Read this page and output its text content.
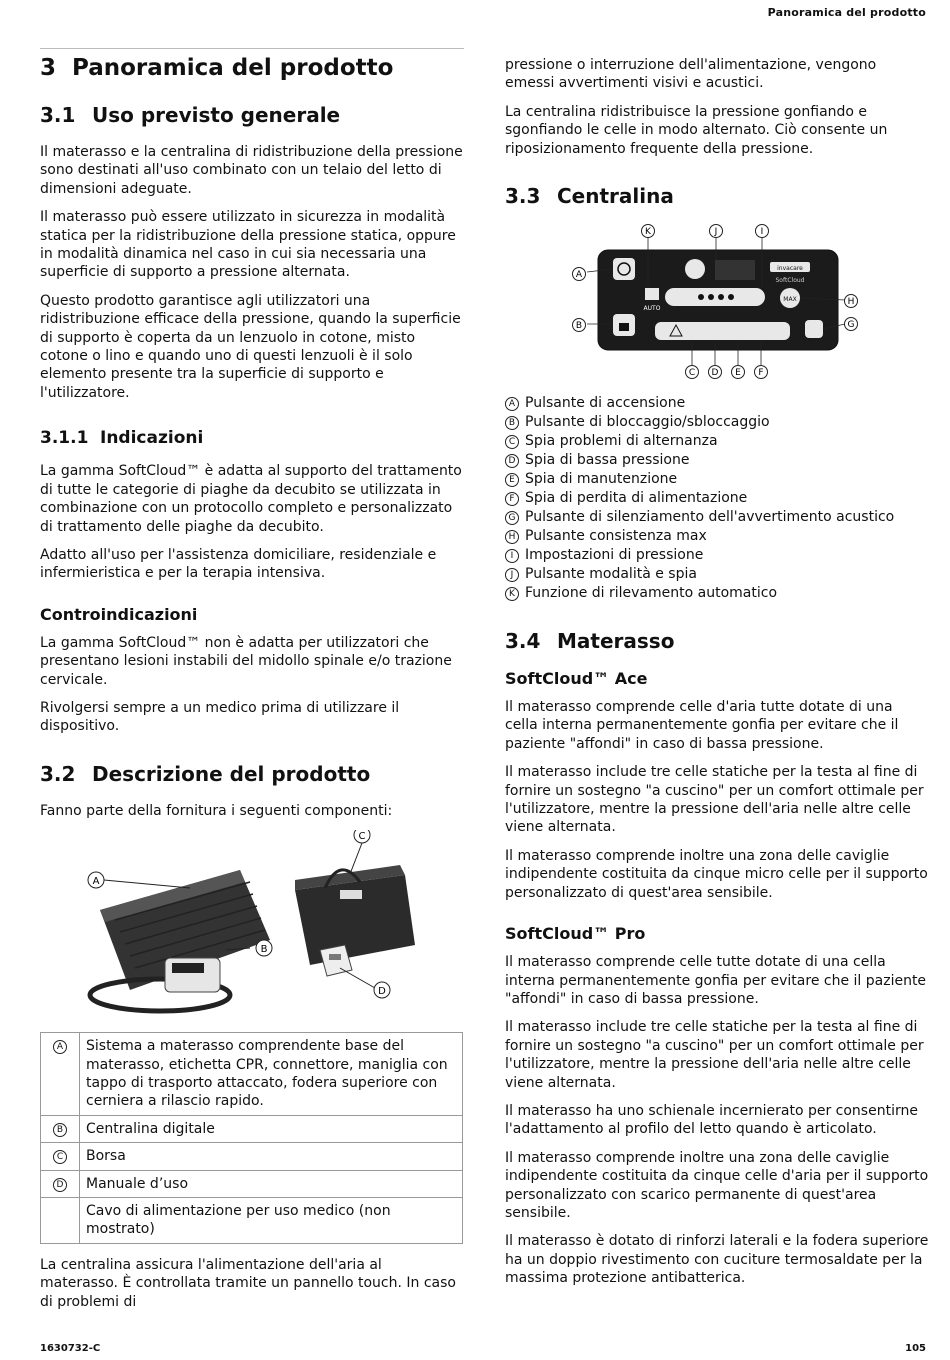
Panoramica del prodotto
3 Panoramica del prodotto
3.1 Uso previsto generale

Il materasso e la centralina di ridistribuzione della pressione sono destinati all'uso combinato con un telaio del letto di dimensioni adeguate.

Il materasso può essere utilizzato in sicurezza in modalità statica per la ridistribuzione della pressione statica, oppure in modalità dinamica nel caso in cui sia necessaria una superficie di supporto a pressione alternata.

Questo prodotto garantisce agli utilizzatori una ridistribuzione efficace della pressione, quando la superficie di supporto è coperta da un lenzuolo in cotone, misto cotone o lino e quando uno di questi lenzuoli è il solo elemento presente tra la superficie di supporto e l'utilizzatore.

3.1.1 Indicazioni

La gamma SoftCloud™ è adatta al supporto del trattamento di tutte le categorie di piaghe da decubito se utilizzata in combinazione con un protocollo completo e personalizzato di trattamento delle piaghe da decubito.

Adatto all'uso per l'assistenza domiciliare, residenziale e infermieristica e per la terapia intensiva.

Controindicazioni

La gamma SoftCloud™ non è adatta per utilizzatori che presentano lesioni instabili del midollo spinale e/o trazione cervicale.

Rivolgersi sempre a un medico prima di utilizzare il dispositivo.

3.2 Descrizione del prodotto

Fanno parte della fornitura i seguenti componenti:

A
B
C
D
A	Sistema a materasso comprendente base del materasso, etichetta CPR, connettore, maniglia con tappo di trasporto attaccato, fodera superiore con cerniera a rilascio rapido.
B	Centralina digitale
C	Borsa
D	Manuale d’uso
	Cavo di alimentazione per uso medico (non mostrato)

La centralina assicura l'alimentazione dell'aria al materasso. È controllata tramite un pannello touch. In caso di problemi di

pressione o interruzione dell'alimentazione, vengono emessi avvertimenti visivi e acustici.

La centralina ridistribuisce la pressione gonfiando e sgonfiando le celle in modo alternato. Ciò consente un riposizionamento frequente della pressione.

3.3 Centralina
AUTO
invacare
SoftCloud
MAX
K	J	I
A
B
H
G
C D E F
A Pulsante di accensione
B Pulsante di bloccaggio/sbloccaggio
C Spia problemi di alternanza
D Spia di bassa pressione
E Spia di manutenzione
F Spia di perdita di alimentazione
G Pulsante di silenziamento dell'avvertimento acustico
H Pulsante consistenza max
I Impostazioni di pressione
J Pulsante modalità e spia
K Funzione di rilevamento automatico
3.4 Materasso
SoftCloud™ Ace

Il materasso comprende celle d'aria tutte dotate di una cella interna permanentemente gonfia per evitare che il paziente "affondi" in caso di bassa pressione.

Il materasso include tre celle statiche per la testa al fine di fornire un sostegno "a cuscino" per un comfort ottimale per l'utilizzatore, mentre la pressione dell'aria nelle altre celle viene alternata.

Il materasso comprende inoltre una zona delle caviglie indipendente costituita da cinque micro celle per il supporto personalizzato di quest'area sensibile.

SoftCloud™ Pro

Il materasso comprende celle tutte dotate di una cella interna permanentemente gonfia per evitare che il paziente "affondi" in caso di bassa pressione.

Il materasso include tre celle statiche per la testa al fine di fornire un sostegno "a cuscino" per un comfort ottimale per l'utilizzatore, mentre la pressione dell'aria nelle altre celle viene alternata.

Il materasso ha uno schienale incernierato per consentirne l'adattamento al profilo del letto quando è articolato.

Il materasso comprende inoltre una zona delle caviglie indipendente costituita da cinque celle d'aria per il supporto personalizzato con scarico permanente di quest'area sensibile.

Il materasso è dotato di rinforzi laterali e la fodera superiore ha un doppio rivestimento con cuciture termosaldate per la massima protezione antibatterica.

1630732-C	105
